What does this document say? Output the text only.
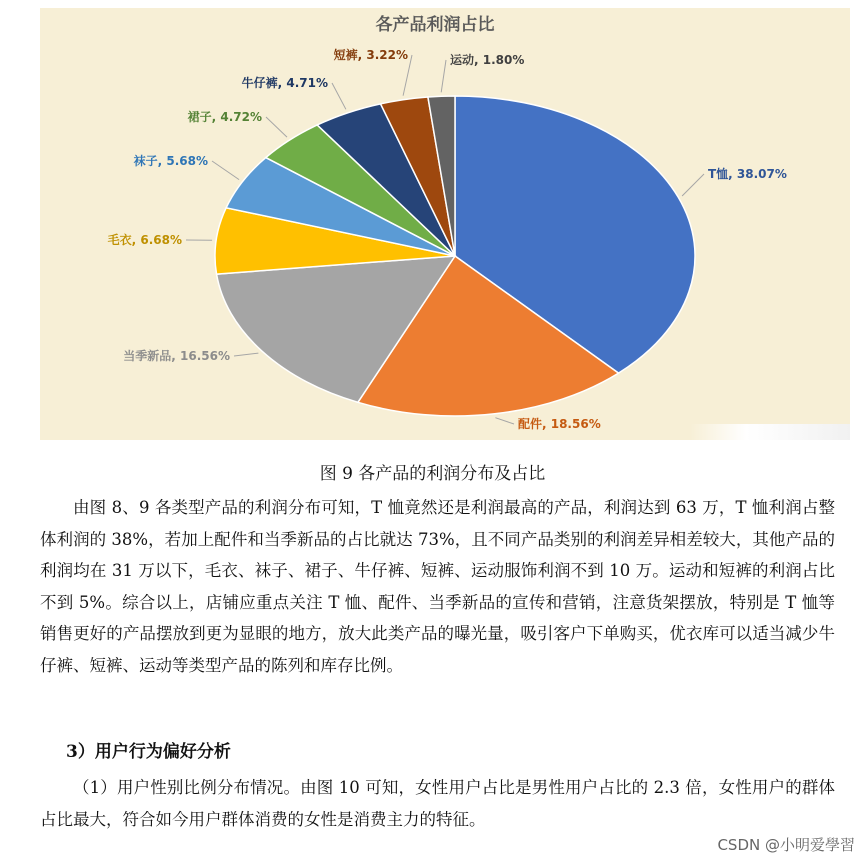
各产品利润占比
T恤, 38.07%
配件, 18.56%
当季新品, 16.56%
毛衣, 6.68%
袜子, 5.68%
裙子, 4.72%
牛仔裤, 4.71%
短裤, 3.22%	运动, 1.80%
图 9 各产品的利润分布及占比

由图 8、9 各类型产品的利润分布可知，T 恤竟然还是利润最高的产品，利润达到 63 万，T 恤利润占整体利润的 38%，若加上配件和当季新品的占比就达 73%，且不同产品类别的利润差异相差较大，其他产品的利润均在 31 万以下，毛衣、袜子、裙子、牛仔裤、短裤、运动服饰利润不到 10 万。运动和短裤的利润占比不到 5%。综合以上，店铺应重点关注 T 恤、配件、当季新品的宣传和营销，注意货架摆放，特别是 T 恤等销售更好的产品摆放到更为显眼的地方，放大此类产品的曝光量，吸引客户下单购买，优衣库可以适当减少牛仔裤、短裤、运动等类型产品的陈列和库存比例。

3）用户行为偏好分析
（1）用户性别比例分布情况。由图 10 可知，女性用户占比是男性用户占比的 2.3 倍，女性用户的群体占比最大，符合如今用户群体消费的女性是消费主力的特征。
CSDN @小明爱學習
